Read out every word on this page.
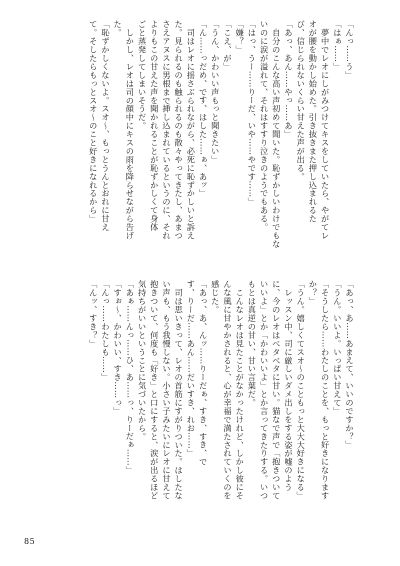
「んっ……う」
「はぁ……」
　夢中でレオにしがみつけてキスをしていたら、やがてレ
オが腰を動かし始めた。引き抜きまた押し込まれるた
び、信じられないくらい甘えた声が出る。
「あっ、あん……やっ……あ」
　自分のこんな高い声初めて聞いた。恥ずかしいわけでもな
いのに涙が溢れて、それはすすり泣きのようでもある。
「はっ、うー……りーだ、いや……やです……」
「嫌？」
「こえ、が」
「うん、かわいい声もっと聞きたい」
「ん……っだめ、です、はした……ぁ、あッ」
　司はレオに揺さぶられながら、必死に恥ずかしいと訴え
た。見られるのも触られるのも散々やってきたし、あまつ
さえアヌスに男根まで挿し込まれているというのに、それ
よりもこの甘えた声を聞かれることが恥ずかしくて身体
ごと蒸発してしまいそうだ。
　しかし、レオは司の顔中にキスの雨を降らせながら告げ
た。
「恥ずかしくないよ。スオ〜、もっとうんとおれに甘え
て。そしたらもっとスオ〜のこと好きになれるから」
「あっ、あ……あまえて、いいのですか？」
「うん。いいよ。いっぱい甘えて」
「そうしたら……わたしのことを、もっと好きになります
か？」
「うん。嬉しくてスオ〜のこともっと大大大好きになる」
　レッスン中、司に厳しいダメ出しをする姿が嘘のよう
に、今のレオはベタベタに甘い。猫なで声で「抱きついて
いいよ」とか「かわいいよ」とか言ってきたりする。いつ
もとは真逆の甘い、甘い言葉だ。
　こんなレオは見たことがなかったけれど、しかし彼にそ
んな風に甘やかされると、心が幸福で満たされていくのを
感じた。
「あっ、あ、んッ……りーだぁ、すき、すき、で
す、りーだ……あん……だいすき、れお……」
　司は思いきって、レオの首筋にすがりついた。はしたな
い声も、もう我慢しない。小さい子みたいにレオに甘えて
抱きついて、何度も「好き」と口にすると、涙が出るほど
気持ちがいいということに気づいたから。
「あぁ……んっ……ひ、あ……っ、りーだぁ……」
「すぉ〜、かわいい、すき……っ」
「んっ……わたしも……」
「んッ、すき？」
85
